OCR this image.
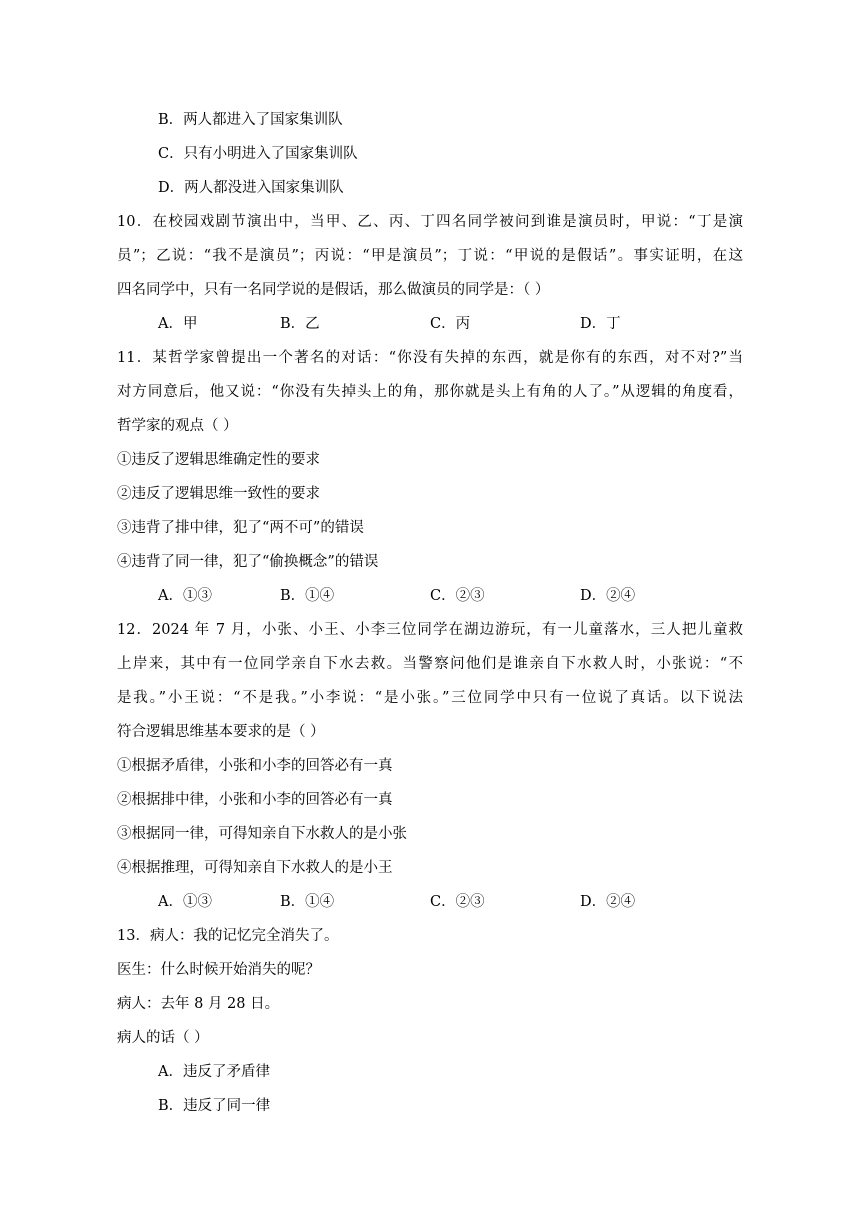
B．两人都进入了国家集训队
C．只有小明进入了国家集训队
D．两人都没进入国家集训队
10．在校园戏剧节演出中，当甲、乙、丙、丁四名同学被问到谁是演员时，甲说：“丁是演
员”；乙说：“我不是演员”；丙说：“甲是演员”；丁说：“甲说的是假话”。事实证明，在这
四名同学中，只有一名同学说的是假话，那么做演员的同学是：（ ）
A．甲	B．乙	C．丙	D．丁
11．某哲学家曾提出一个著名的对话：“你没有失掉的东西，就是你有的东西，对不对?”当
对方同意后，他又说：“你没有失掉头上的角，那你就是头上有角的人了。”从逻辑的角度看，
哲学家的观点（ ）
①违反了逻辑思维确定性的要求
②违反了逻辑思维一致性的要求
③违背了排中律，犯了“两不可”的错误
④违背了同一律，犯了“偷换概念”的错误
A．①③	B．①④	C．②③	D．②④
12．2024 年 7 月，小张、小王、小李三位同学在湖边游玩，有一儿童落水，三人把儿童救
上岸来，其中有一位同学亲自下水去救。当警察问他们是谁亲自下水救人时，小张说：“不
是我。”小王说：“不是我。”小李说：“是小张。”三位同学中只有一位说了真话。以下说法
符合逻辑思维基本要求的是（ ）
①根据矛盾律，小张和小李的回答必有一真
②根据排中律，小张和小李的回答必有一真
③根据同一律，可得知亲自下水救人的是小张
④根据推理，可得知亲自下水救人的是小王
A．①③	B．①④	C．②③	D．②④
13．病人：我的记忆完全消失了。
医生：什么时候开始消失的呢？
病人：去年 8 月 28 日。
病人的话（ ）
A．违反了矛盾律
B．违反了同一律
